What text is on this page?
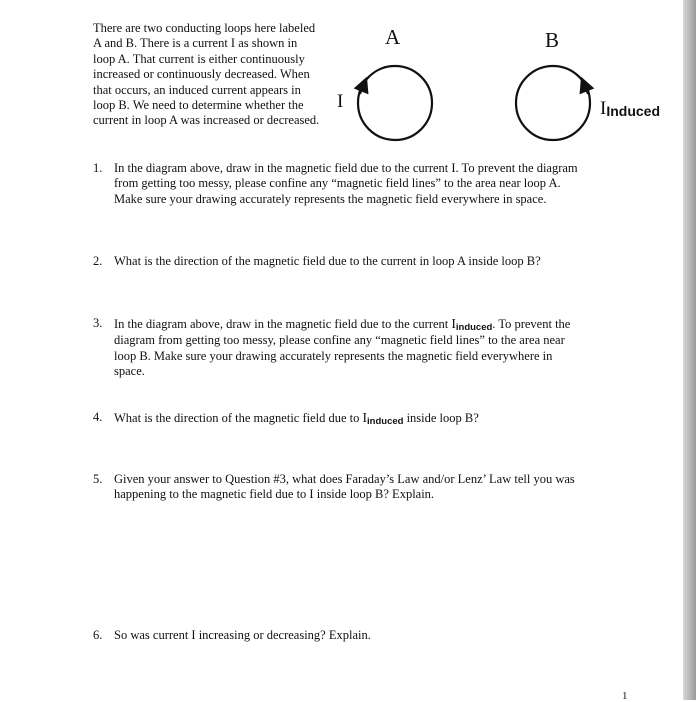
There are two conducting loops here labeled A and B. There is a current I as shown in loop A. That current is either continuously increased or continuously decreased. When that occurs, an induced current appears in loop B. We need to determine whether the current in loop A was increased or decreased.
A	B
I	IInduced
1. In the diagram above, draw in the magnetic field due to the current I. To prevent the diagram from getting too messy, please confine any “magnetic field lines” to the area near loop A. Make sure your drawing accurately represents the magnetic field everywhere in space.
2. What is the direction of the magnetic field due to the current in loop A inside loop B?
3. In the diagram above, draw in the magnetic field due to the current Iinduced. To prevent the diagram from getting too messy, please confine any “magnetic field lines” to the area near loop B. Make sure your drawing accurately represents the magnetic field everywhere in space.
4. What is the direction of the magnetic field due to Iinduced inside loop B?
5. Given your answer to Question #3, what does Faraday’s Law and/or Lenz’ Law tell you was happening to the magnetic field due to I inside loop B? Explain.
6. So was current I increasing or decreasing? Explain.
1
